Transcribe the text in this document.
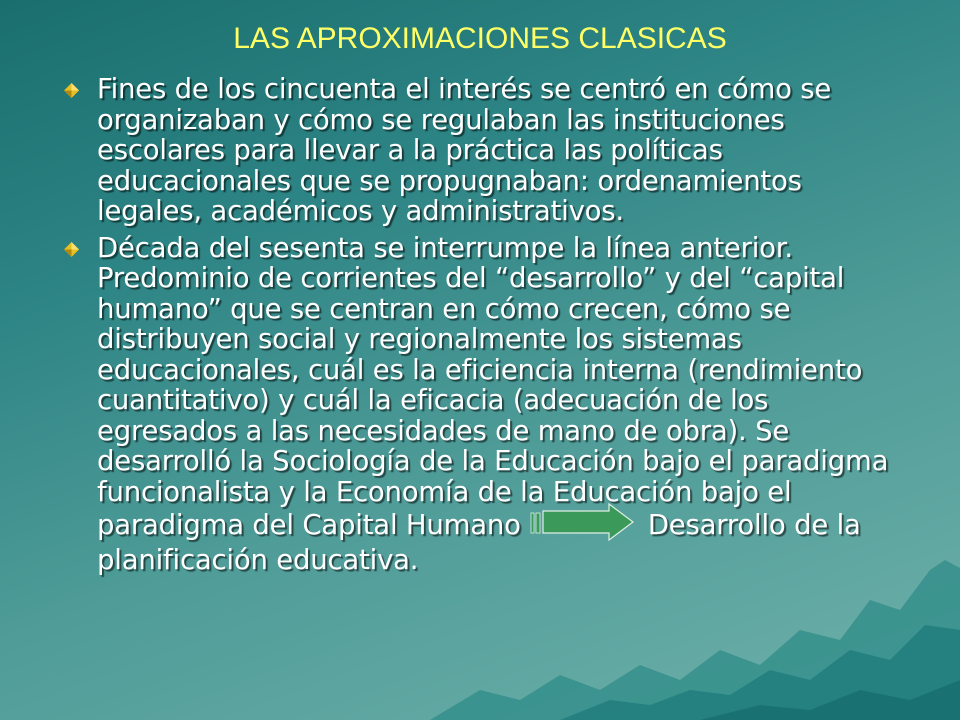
LAS APROXIMACIONES CLASICAS
Fines de los cincuenta el interés se centró en cómo se organizaban y cómo se regulaban las instituciones escolares para llevar a la práctica las políticas educacionales que se propugnaban: ordenamientos legales, académicos y administrativos.
Década del sesenta se interrumpe la línea anterior. Predominio de corrientes del “desarrollo” y del “capital humano” que se centran en cómo crecen, cómo se distribuyen social y regionalmente los sistemas educacionales, cuál es la eficiencia interna (rendimiento cuantitativo) y cuál la eficacia (adecuación de los egresados a las necesidades de mano de obra). Se desarrolló la Sociología de la Educación bajo el paradigma funcionalista y la Economía de la Educación bajo el paradigma del Capital Humano	Desarrollo de la planificación educativa.
